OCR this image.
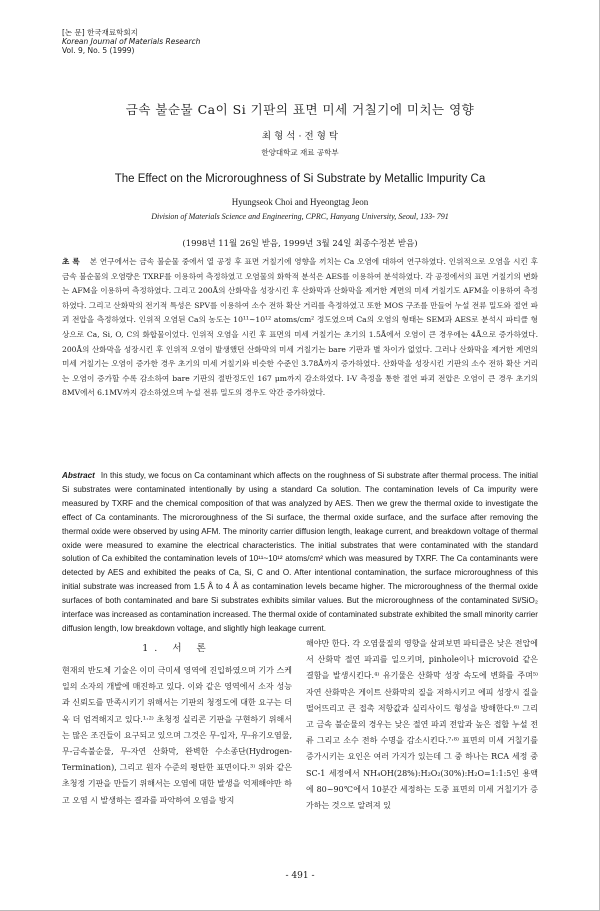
[논 문] 한국재료학회지
Korean Journal of Materials Research
Vol. 9, No. 5 (1999)
금속 불순물 Ca이 Si 기판의 표면 미세 거칠기에 미치는 영향
최 형 석 · 전 형 탁
한양대학교 재료 공학부
The Effect on the Microroughness of Si Substrate by Metallic Impurity Ca
Hyungseok Choi and Hyeongtag Jeon
Division of Materials Science and Engineering, CPRC, Hanyang University, Seoul, 133- 791
(1998년 11월 26일 받음, 1999년 3월 24일 최종수정본 받음)
초 록 본 연구에서는 금속 불순물 중에서 열 공정 후 표면 거칠기에 영향을 끼치는 Ca 오염에 대하여 연구하였다. 인위적으로 오염을 시킨 후 금속 불순물의 오염량은 TXRF를 이용하여 측정하였고 오염물의 화학적 분석은 AES를 이용하여 분석하였다. 각 공정에서의 표면 거칠기의 변화는 AFM을 이용하여 측정하였다. 그리고 200Å의 산화막을 성장시킨 후 산화막과 산화막을 제거한 계면의 미세 거칠기도 AFM을 이용하여 측정하였다. 그리고 산화막의 전기적 특성은 SPV를 이용하여 소수 전하 확산 거리를 측정하였고 또한 MOS 구조를 만들어 누설 전류 밀도와 절연 파괴 전압을 측정하였다. 인위적 오염된 Ca의 농도는 10¹¹~10¹² atoms/cm² 정도였으며 Ca의 오염의 형태는 SEM과 AES로 분석시 파티클 형상으로 Ca, Si, O, C의 화합물이었다. 인위적 오염을 시킨 후 표면의 미세 거칠기는 초기의 1.5Å에서 오염이 큰 경우에는 4Å으로 증가하였다. 200Å의 산화막을 성장시킨 후 인위적 오염이 발생했던 산화막의 미세 거칠기는 bare 기판과 별 차이가 없었다. 그러나 산화막을 제거한 계면의 미세 거칠기는 오염이 증가한 경우 초기의 미세 거칠기와 비슷한 수준인 3.78Å까지 증가하였다. 산화막을 성장시킨 기판의 소수 전하 확산 거리는 오염이 증가할 수록 감소하여 bare 기판의 절반정도인 167 μm까지 감소하였다. I-V 측정을 통한 절연 파괴 전압은 오염이 큰 경우 초기의 8MV에서 6.1MV까지 감소하였으며 누설 전류 밀도의 경우도 약간 증가하였다.
Abstract In this study, we focus on Ca contaminant which affects on the roughness of Si substrate after thermal process. The initial Si substrates were contaminated intentionally by using a standard Ca solution. The contamination levels of Ca impurity were measured by TXRF and the chemical composition of that was analyzed by AES. Then we grew the thermal oxide to investigate the effect of Ca contaminants. The microroughness of the Si surface, the thermal oxide surface, and the surface after removing the thermal oxide were observed by using AFM. The minority carrier diffusion length, leakage current, and breakdown voltage of thermal oxide were measured to examine the electrical characteristics. The initial substrates that were contaminated with the standard solution of Ca exhibited the contamination levels of 10¹¹~10¹² atoms/cm² which was measured by TXRF. The Ca contaminants were detected by AES and exhibited the peaks of Ca, Si, C and O. After intentional contamination, the surface microroughness of this initial substrate was increased from 1.5 Å to 4 Å as contamination levels became higher. The microroughness of the thermal oxide surfaces of both contaminated and bare Si substrates exhibits similar values. But the microroughness of the contaminated Si/SiO₂ interface was increased as contamination increased. The thermal oxide of contaminated substrate exhibited the small minority carrier diffusion length, low breakdown voltage, and slightly high leakage current.
1. 서 론
현재의 반도체 기술은 이미 극미세 영역에 진입하였으며 기가 스케일의 소자의 개발에 매진하고 있다. 이와 같은 영역에서 소자 성능과 신뢰도를 만족시키기 위해서는 기판의 청정도에 대한 요구는 더욱 더 엄격해지고 있다.¹·²⁾ 초청정 실리콘 기판을 구현하기 위해서는 많은 조건들이 요구되고 있으며 그것은 무-입자, 무-유기오염물, 무-금속불순물, 무-자연 산화막, 완벽한 수소종단(Hydrogen-Termination), 그리고 원자 수준의 평탄한 표면이다.³⁾ 위와 같은 초청정 기판을 만들기 위해서는 오염에 대한 발생을 억제해야만 하고 오염 시 발생하는 결과를 파악하여 오염을 방지
해야만 한다. 각 오염물질의 영향을 살펴보면 파티클은 낮은 전압에서 산화막 절연 파괴를 일으키며, pinhole이나 microvoid 같은 결함을 발생시킨다.⁴⁾ 유기물은 산화막 성장 속도에 변화를 주며⁵⁾ 자연 산화막은 게이트 산화막의 질을 저하시키고 에피 성장시 질을 떨어뜨리고 큰 접촉 저항값과 실리사이드 형성을 방해한다.⁶⁾ 그리고 금속 불순물의 경우는 낮은 절연 파괴 전압과 높은 접합 누설 전류 그리고 소수 전하 수명을 감소시킨다.⁷·⁸⁾ 표면의 미세 거칠기를 증가시키는 요인은 여러 가지가 있는데 그 중 하나는 RCA 세정 중 SC-1 세정에서 NH₄OH(28%):H₂O₂(30%):H₂O=1:1:5인 용액에 80~90℃에서 10분간 세정하는 도중 표면의 미세 거칠기가 증가하는 것으로 알려져 있
- 491 -
